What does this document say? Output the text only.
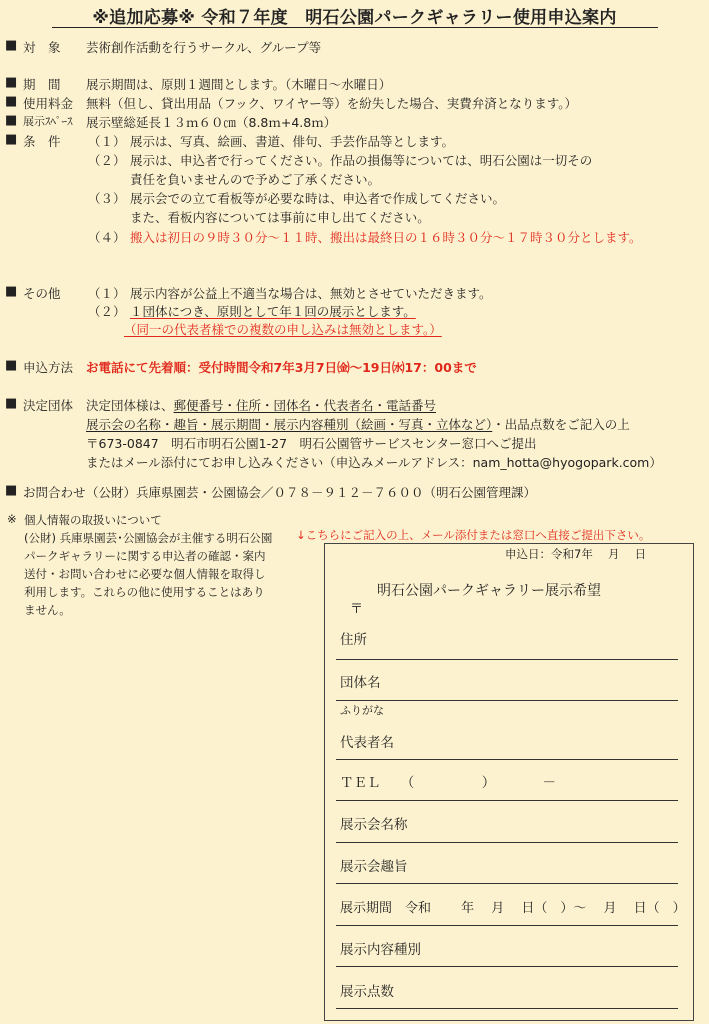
※追加応募※ 令和７年度　明石公園パークギャラリー使用申込案内
■ 対　象 芸術創作活動を行うサークル、グループ等
■ 期　間 展示期間は、原則１週間とします。（木曜日～水曜日）
■ 使用料金 無料（但し、貸出用品（フック、ワイヤー等）を紛失した場合、実費弁済となります。）
■ 展示ｽﾍﾟｰｽ 展示壁総延長１３ｍ６０㎝（8.8ｍ+4.8ｍ）
■ 条　件 （１） 展示は、写真、絵画、書道、俳句、手芸作品等とします。
（２） 展示は、申込者で行ってください。作品の損傷等については、明石公園は一切その
責任を負いませんので予めご了承ください。
（３） 展示会での立て看板等が必要な時は、申込者で作成してください。
また、看板内容については事前に申し出てください。
（４） 搬入は初日の９時３０分～１１時、搬出は最終日の１６時３０分～１７時３０分とします。
■ その他 （１） 展示内容が公益上不適当な場合は、無効とさせていただきます。
（２） １団体につき、原則として年１回の展示とします。
（同一の代表者様での複数の申し込みは無効とします。）
■ 申込方法 お電話にて先着順：受付時間令和7年3月7日㈮～19日㈬17：00まで
■ 決定団体 決定団体様は、郵便番号・住所・団体名・代表者名・電話番号
展示会の名称・趣旨・展示期間・展示内容種別（絵画・写真・立体など）・出品点数をご記入の上
〒673-0847　明石市明石公園1-27　明石公園管サービスセンター窓口へご提出
またはメール添付にてお申し込みください（申込みメールアドレス：nam_hotta@hyogopark.com）
■ お問合わせ （公財）兵庫県園芸・公園協会／０７８－９１２－７６００（明石公園管理課）
※ 個人情報の取扱いについて
(公財) 兵庫県園芸･公園協会が主催する明石公園
パークギャラリーに関する申込者の確認・案内
送付・お問い合わせに必要な個人情報を取得し
利用します。これらの他に使用することはあり
ません。
↓こちらにご記入の上、メール添付または窓口へ直接ご提出下さい。
申込日：令和7年　 月　 日
明石公園パークギャラリー展示希望
〒
住所
団体名
ふりがな
代表者名
ＴＥＬ　　（　　　　　）　　　　－
展示会名称
展示会趣旨
展示期間　令和　　 年　 月　 日（　）～　 月　 日（　）
展示内容種別
展示点数
